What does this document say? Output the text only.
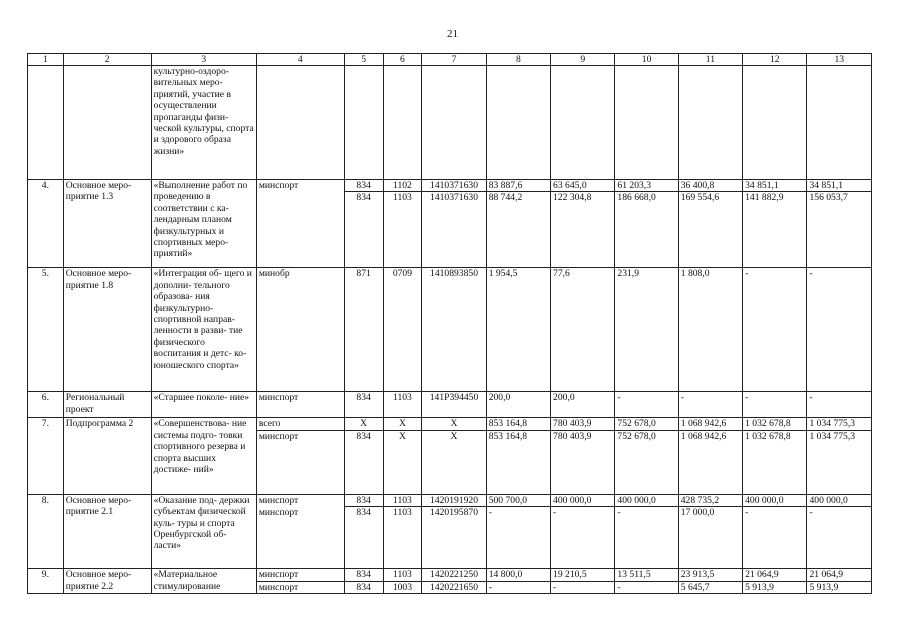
21
1	2	3	4	5	6	7	8	9	10	11	12	13
		культурно-оздоро- вительных меро- приятий, участие в осуществлении пропаганды физи- ческой культуры, спорта и здорового образа жизни»										
4.	Основное меро- приятие 1.3	«Выполнение работ по проведению в соответствии с ка- лендарным планом физкультурных и спортивных меро- приятий»	минспорт	834	1102	1410371630	83 887,6	63 645,0	61 203,3	36 400,8	34 851,1	34 851,1
				834	1103	1410371630	88 744,2	122 304,8	186 668,0	169 554,6	141 882,9	156 053,7
5.	Основное меро- приятие 1.8	«Интеграция об- щего и дополни- тельного образова- ния физкультурно- спортивной направ- ленности в разви- тие физического воспитания и детс- ко-юношеского спорта»	минобр	871	0709	1410893850	1 954,5	77,6	231,9	1 808,0	-	-
6.	Региональный проект	«Старшее поколе- ние»	минспорт	834	1103	141P394450	200,0	200,0	-	-	-	-
7.	Подпрограмма 2	«Совершенствова- ние системы подго- товки спортивного резерва и спорта высших достиже- ний»	всего	X	X	X	853 164,8	780 403,9	752 678,0	1 068 942,6	1 032 678,8	1 034 775,3
			минспорт	834	X	X	853 164,8	780 403,9	752 678,0	1 068 942,6	1 032 678,8	1 034 775,3
8.	Основное меро- приятие 2.1	«Оказание под- держки субъектам физической куль- туры и спорта Оренбургской об- ласти»	минспорт	834	1103	1420191920	500 700,0	400 000,0	400 000,0	428 735,2	400 000,0	400 000,0
			минспорт	834	1103	1420195870	-	-	-	17 000,0	-	-
9.	Основное меро- приятие 2.2	«Материальное стимулирование	минспорт	834	1103	1420221250	14 800,0	19 210,5	13 511,5	23 913,5	21 064,9	21 064,9
			минспорт	834	1003	1420221650	-	-	-	5 645,7	5 913,9	5 913,9
